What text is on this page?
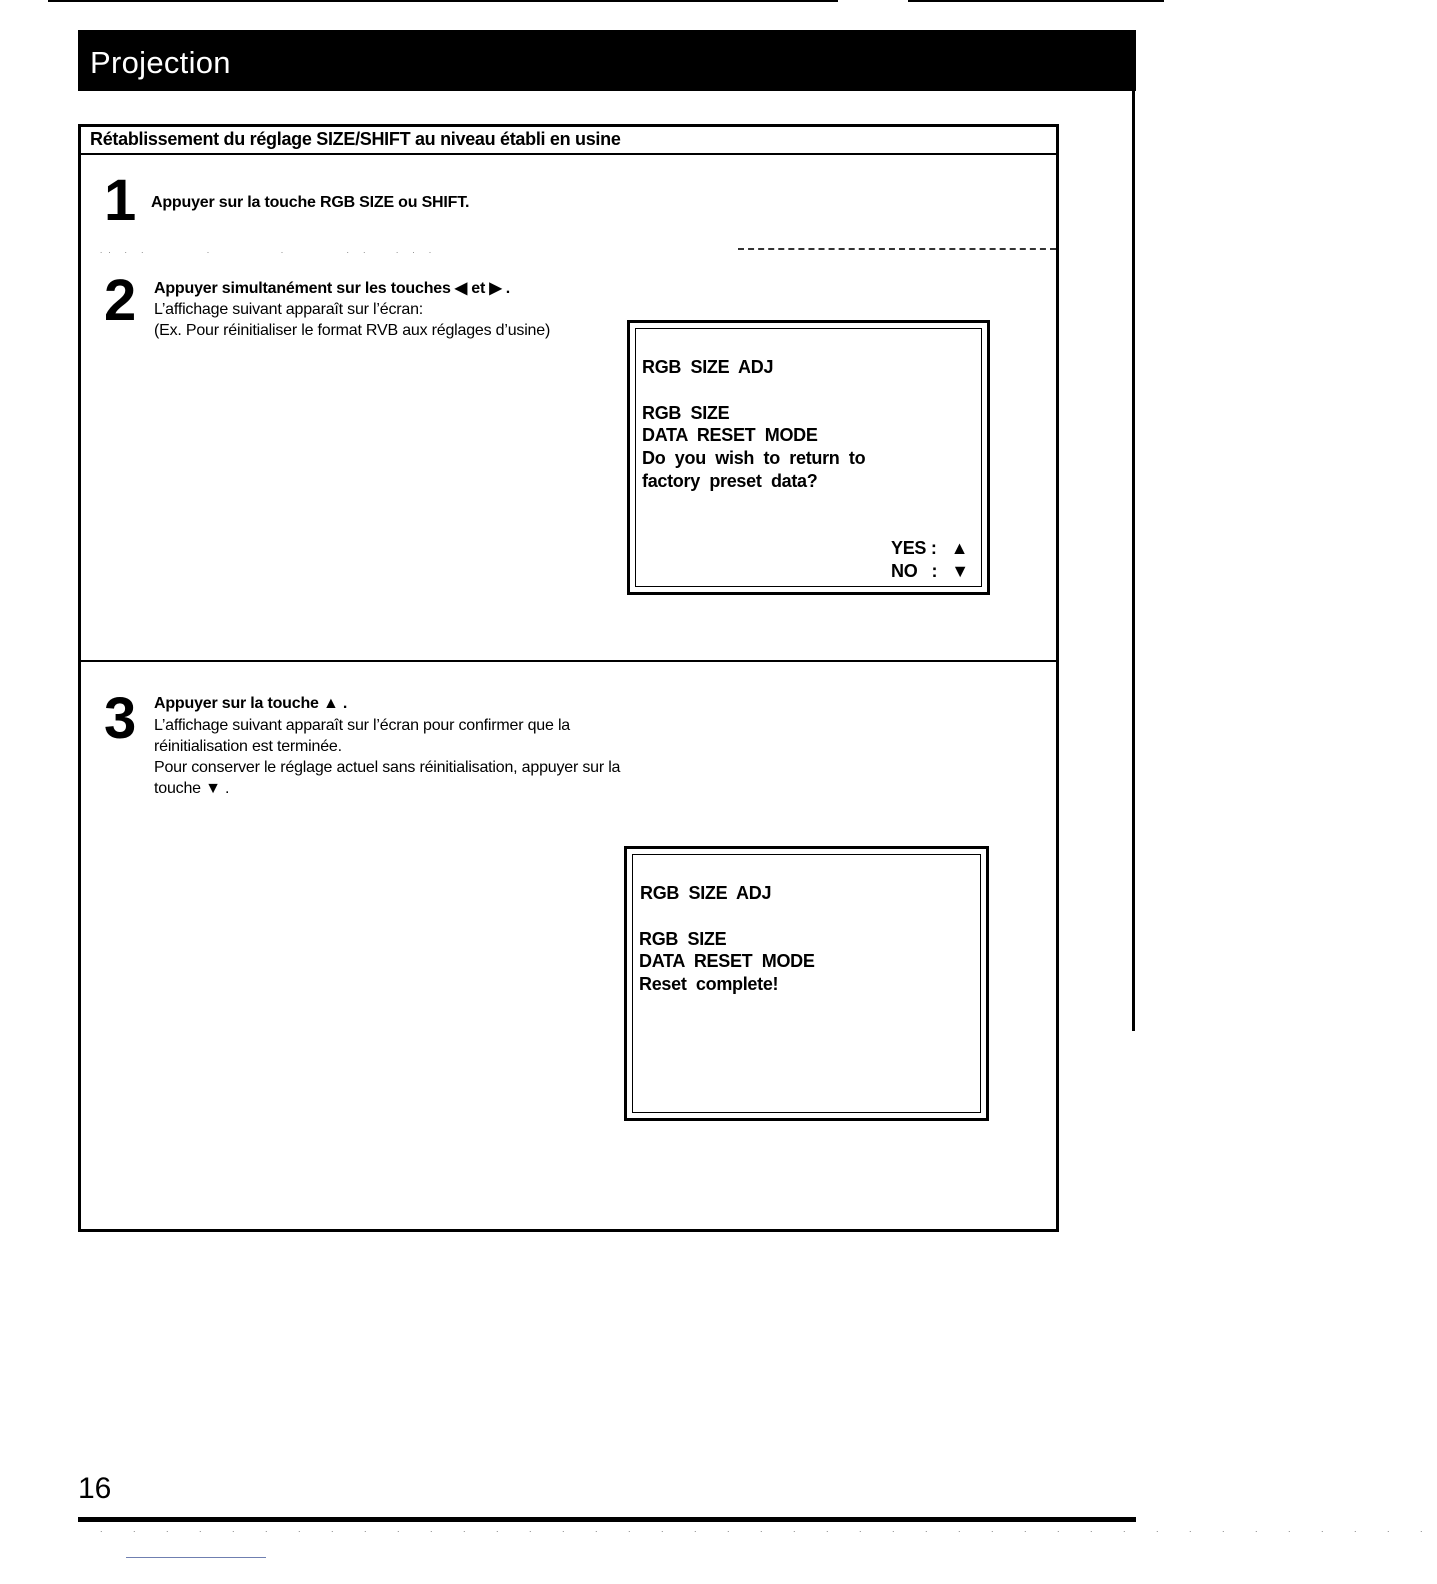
Projection
Rétablissement du réglage SIZE/SHIFT au niveau établi en usine
1 Appuyer sur la touche RGB SIZE ou SHIFT.
.. . .       .        .       . .   . . .
2 Appuyer simultanément sur les touches ◀ et ▶ .

L’affichage suivant apparaît sur l’écran:

(Ex. Pour réinitialiser le format RVB aux réglages d’usine)

RGB  SIZE  ADJ
RGB  SIZE
DATA  RESET  MODE
Do  you  wish  to  return  to
factory  preset  data?
YES :   ▲
NO   :   ▼
3 Appuyer sur la touche ▲ .

L’affichage suivant apparaît sur l’écran pour confirmer que la

réinitialisation est terminée.

Pour conserver le réglage actuel sans réinitialisation, appuyer sur la

touche ▼ .

RGB  SIZE  ADJ
RGB  SIZE
DATA  RESET  MODE
Reset  complete!
16
. . . . . . . . . . . . . . . . . . . . . . . . . . . . . . . . . . . . . . . . .
